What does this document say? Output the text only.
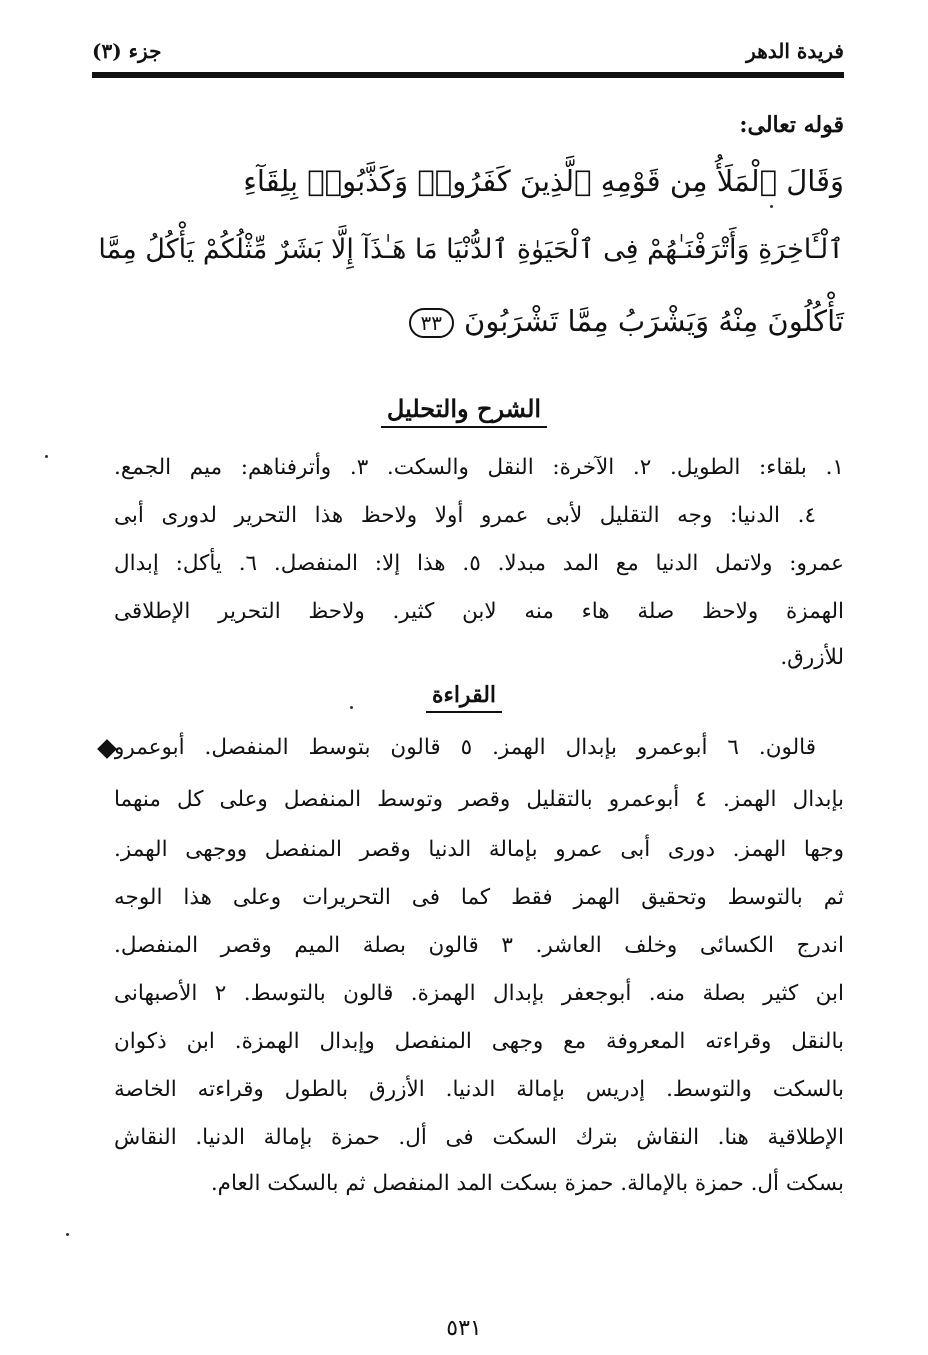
فريدة الدهر
جزء (٣)
قوله تعالى:
وَقَالَ ٱلْمَلَأُ مِن قَوْمِهِ ٱلَّذِينَ كَفَرُوا۟ وَكَذَّبُوا۟ بِلِقَآءِ
ٱلْـَٔاخِرَةِ وَأَتْرَفْنَـٰهُمْ فِى ٱلْحَيَوٰةِ ٱلدُّنْيَا مَا هَـٰذَآ إِلَّا بَشَرٌ مِّثْلُكُمْ يَأْكُلُ مِمَّا
تَأْكُلُونَ مِنْهُ وَيَشْرَبُ مِمَّا تَشْرَبُونَ٣٣
الشرح والتحليل
١. بلقاء: الطويل. ٢. الآخرة: النقل والسكت. ٣. وأترفناهم: ميم الجمع.
٤. الدنيا: وجه التقليل لأبى عمرو أولا ولاحظ هذا التحرير لدورى أبى
عمرو: ولاتمل الدنيا مع المد مبدلا. ٥. هذا إلا: المنفصل. ٦. يأكل: إبدال
الهمزة ولاحظ صلة هاء منه لابن كثير. ولاحظ التحرير الإطلاقى
للأزرق.
القراءة
قالون. ٦ أبوعمرو بإبدال الهمز. ٥ قالون بتوسط المنفصل. أبوعمرو
بإبدال الهمز. ٤ أبوعمرو بالتقليل وقصر وتوسط المنفصل وعلى كل منهما
وجها الهمز. دورى أبى عمرو بإمالة الدنيا وقصر المنفصل ووجهى الهمز.
ثم بالتوسط وتحقيق الهمز فقط كما فى التحريرات وعلى هذا الوجه
اندرج الكسائى وخلف العاشر. ٣ قالون بصلة الميم وقصر المنفصل.
ابن كثير بصلة منه. أبوجعفر بإبدال الهمزة. قالون بالتوسط. ٢ الأصبهانى
بالنقل وقراءته المعروفة مع وجهى المنفصل وإبدال الهمزة. ابن ذكوان
بالسكت والتوسط. إدريس بإمالة الدنيا. الأزرق بالطول وقراءته الخاصة
الإطلاقية هنا. النقاش بترك السكت فى أل. حمزة بإمالة الدنيا. النقاش
بسكت أل. حمزة بالإمالة. حمزة بسكت المد المنفصل ثم بالسكت العام.
٥٣١
